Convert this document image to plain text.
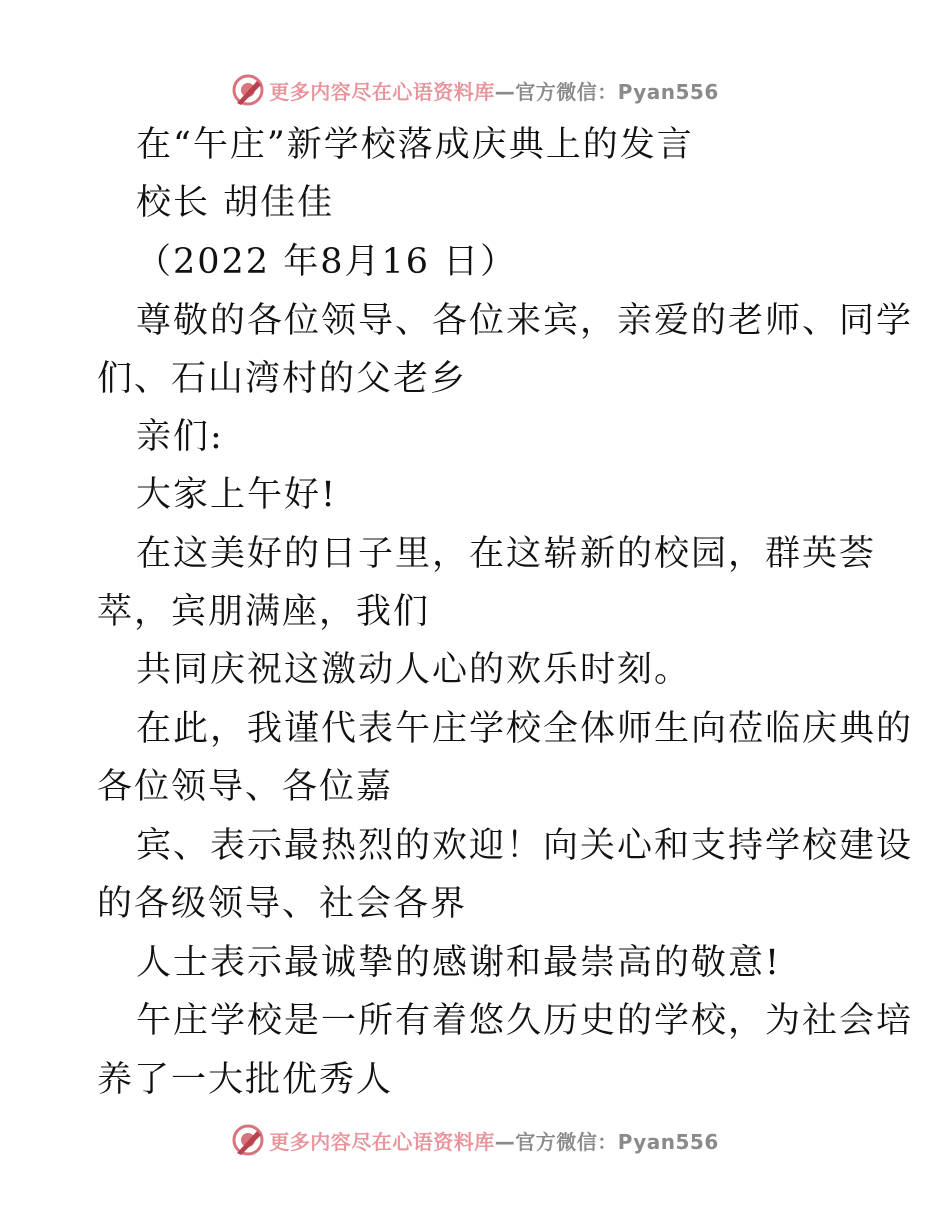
更多内容尽在心语资料库—官方微信：Pyan556
在“午庄”新学校落成庆典上的发言
校长 胡佳佳
（2022 年8月16 日）
尊敬的各位领导、各位来宾，亲爱的老师、同学
们、石山湾村的父老乡
亲们:
大家上午好!
在这美好的日子里，在这崭新的校园，群英荟
萃，宾朋满座，我们
共同庆祝这激动人心的欢乐时刻。
在此，我谨代表午庄学校全体师生向莅临庆典的
各位领导、各位嘉
宾、表示最热烈的欢迎！向关心和支持学校建设
的各级领导、社会各界
人士表示最诚挚的感谢和最崇高的敬意!
午庄学校是一所有着悠久历史的学校，为社会培
养了一大批优秀人
更多内容尽在心语资料库—官方微信：Pyan556
